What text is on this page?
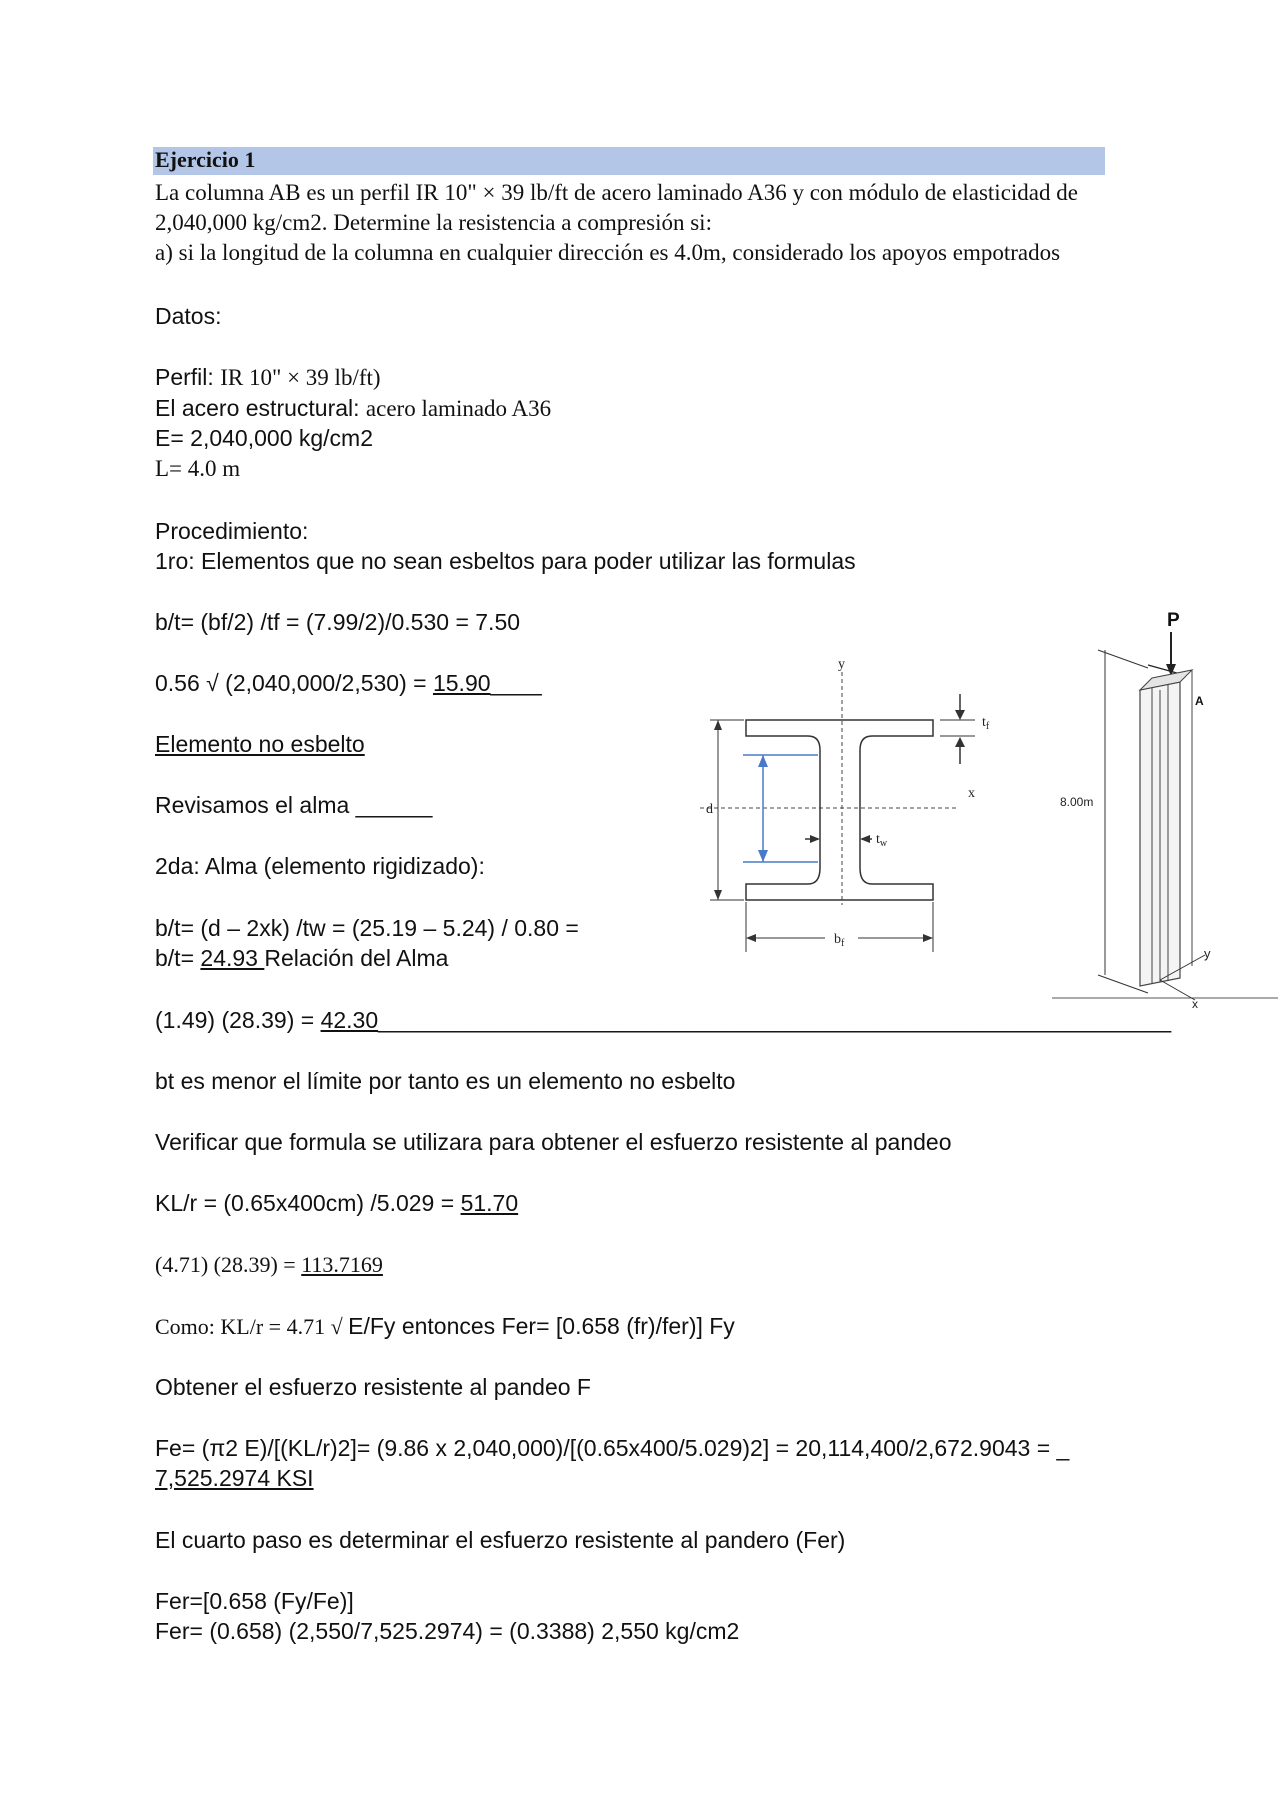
Ejercicio 1
La columna AB es un perfil IR 10" × 39 lb/ft de acero laminado A36 y con módulo de elasticidad de
2,040,000 kg/cm2. Determine la resistencia a compresión si:
a) si la longitud de la columna en cualquier dirección es 4.0m, considerado los apoyos empotrados
Datos:
Perfil: IR 10" × 39 lb/ft)
El acero estructural: acero laminado A36
E= 2,040,000 kg/cm2
L= 4.0 m
Procedimiento:
1ro: Elementos que no sean esbeltos para poder utilizar las formulas
b/t= (bf/2) /tf = (7.99/2)/0.530 = 7.50
0.56 √ (2,040,000/2,530) = 15.90____
Elemento no esbelto
Revisamos el alma ______
2da: Alma (elemento rigidizado):
b/t= (d – 2xk) /tw = (25.19 – 5.24) / 0.80 =
b/t= 24.93 Relación del Alma
(1.49) (28.39) = 42.30______________________________________________________________
bt es menor el límite por tanto es un elemento no esbelto
Verificar que formula se utilizara para obtener el esfuerzo resistente al pandeo
KL/r = (0.65x400cm) /5.029 = 51.70
(4.71) (28.39) = 113.7169
Como: KL/r = 4.71 √ E/Fy entonces Fer= [0.658 (fr)/fer)] Fy
Obtener el esfuerzo resistente al pandeo F
Fe= (π2 E)/[(KL/r)2]= (9.86 x 2,040,000)/[(0.65x400/5.029)2] = 20,114,400/2,672.9043 = _
7,525.2974 KSI
El cuarto paso es determinar el esfuerzo resistente al pandero (Fer)
Fer=[0.658 (Fy/Fe)]
Fer= (0.658) (2,550/7,525.2974) = (0.3388) 2,550 kg/cm2
y
x
d
$t_f$
$t_w$
$b_f$
P
8.00m
A
y
x
